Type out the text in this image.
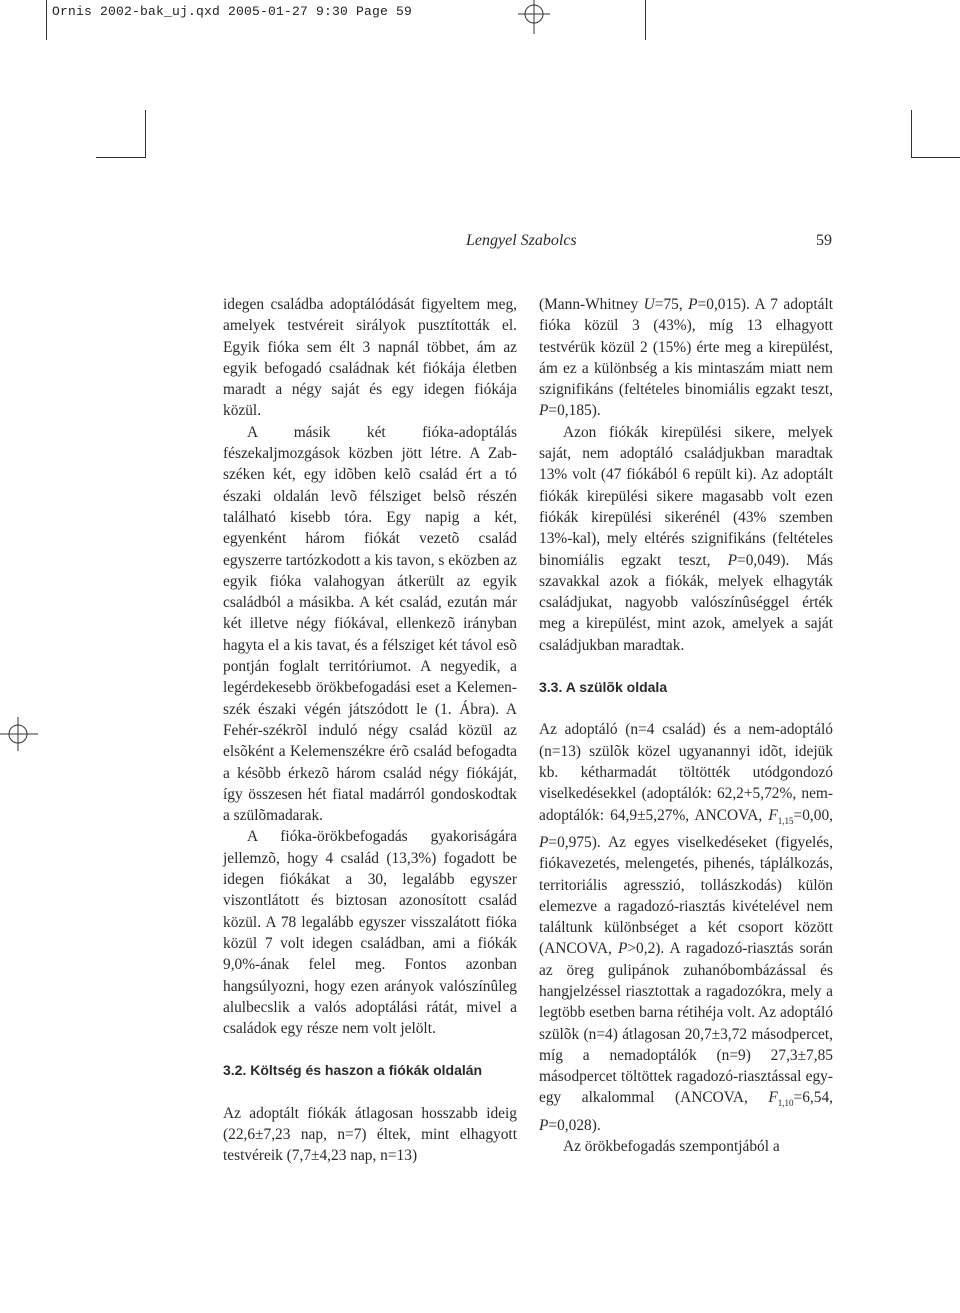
Ornis 2002-bak_uj.qxd 2005-01-27 9:30 Page 59
Lengyel Szabolcs	59

idegen családba adoptálódását figyeltem meg, amelyek testvéreit sirályok pusztították el. Egyik fióka sem élt 3 napnál többet, ám az egyik befogadó családnak két fiókája életben maradt a négy saját és egy idegen fiókája közül.

A másik két fióka-adoptálás fészekaljmozgások közben jött létre. A Zab-széken két, egy idõben kelõ család ért a tó északi oldalán levõ félsziget belsõ részén található kisebb tóra. Egy napig a két, egyenként három fiókát vezetõ család egyszerre tartózkodott a kis tavon, s eközben az egyik fióka valahogyan átkerült az egyik családból a másikba. A két család, ezután már két illetve négy fiókával, ellenkezõ irányban hagyta el a kis tavat, és a félsziget két távol esõ pontján foglalt territóriumot. A negyedik, a legérdekesebb örökbefogadási eset a Kelemen-szék északi végén játszódott le (1. Ábra). A Fehér-székrõl induló négy család közül az elsõként a Kelemenszékre érõ család befogadta a késõbb érkezõ három család négy fiókáját, így összesen hét fiatal madárról gondoskodtak a szülõmadarak.

A fióka-örökbefogadás gyakoriságára jellemzõ, hogy 4 család (13,3%) fogadott be idegen fiókákat a 30, legalább egyszer viszontlátott és biztosan azonosított család közül. A 78 legalább egyszer visszalátott fióka közül 7 volt idegen családban, ami a fiókák 9,0%-ának felel meg. Fontos azonban hangsúlyozni, hogy ezen arányok valószínûleg alulbecslik a valós adoptálási rátát, mivel a családok egy része nem volt jelölt.

3.2. Költség és haszon a fiókák oldalán

Az adoptált fiókák átlagosan hosszabb ideig (22,6±7,23 nap, n=7) éltek, mint elhagyott testvéreik (7,7±4,23 nap, n=13)

(Mann-Whitney U=75, P=0,015). A 7 adoptált fióka közül 3 (43%), míg 13 elhagyott testvérük közül 2 (15%) érte meg a kirepülést, ám ez a különbség a kis mintaszám miatt nem szignifikáns (feltételes binomiális egzakt teszt, P=0,185).

Azon fiókák kirepülési sikere, melyek saját, nem adoptáló családjukban maradtak 13% volt (47 fiókából 6 repült ki). Az adoptált fiókák kirepülési sikere magasabb volt ezen fiókák kirepülési sikerénél (43% szemben 13%-kal), mely eltérés szignifikáns (feltételes binomiális egzakt teszt, P=0,049). Más szavakkal azok a fiókák, melyek elhagyták családjukat, nagyobb valószínûséggel érték meg a kirepülést, mint azok, amelyek a saját családjukban maradtak.

3.3. A szülõk oldala

Az adoptáló (n=4 család) és a nem-adoptáló (n=13) szülõk közel ugyanannyi idõt, idejük kb. kétharmadát töltötték utódgondozó viselkedésekkel (adoptálók: 62,2+5,72%, nem-adoptálók: 64,9±5,27%, ANCOVA, $F_{1,15}=0,00$, P=0,975). Az egyes viselkedéseket (figyelés, fiókavezetés, melengetés, pihenés, táplálkozás, territoriális agresszió, tollászkodás) külön elemezve a ragadozó-riasztás kivételével nem találtunk különbséget a két csoport között (ANCOVA, P>0,2). A ragadozó-riasztás során az öreg gulipánok zuhanóbombázással és hangjelzéssel riasztottak a ragadozókra, mely a legtöbb esetben barna rétihéja volt. Az adoptáló szülõk (n=4) átlagosan 20,7±3,72 másodpercet, míg a nemadoptálók (n=9) 27,3±7,85 másodpercet töltöttek ragadozó-riasztással egy-egy alkalommal (ANCOVA, $F_{1,10}=6,54$, P=0,028).

Az örökbefogadás szempontjából a
